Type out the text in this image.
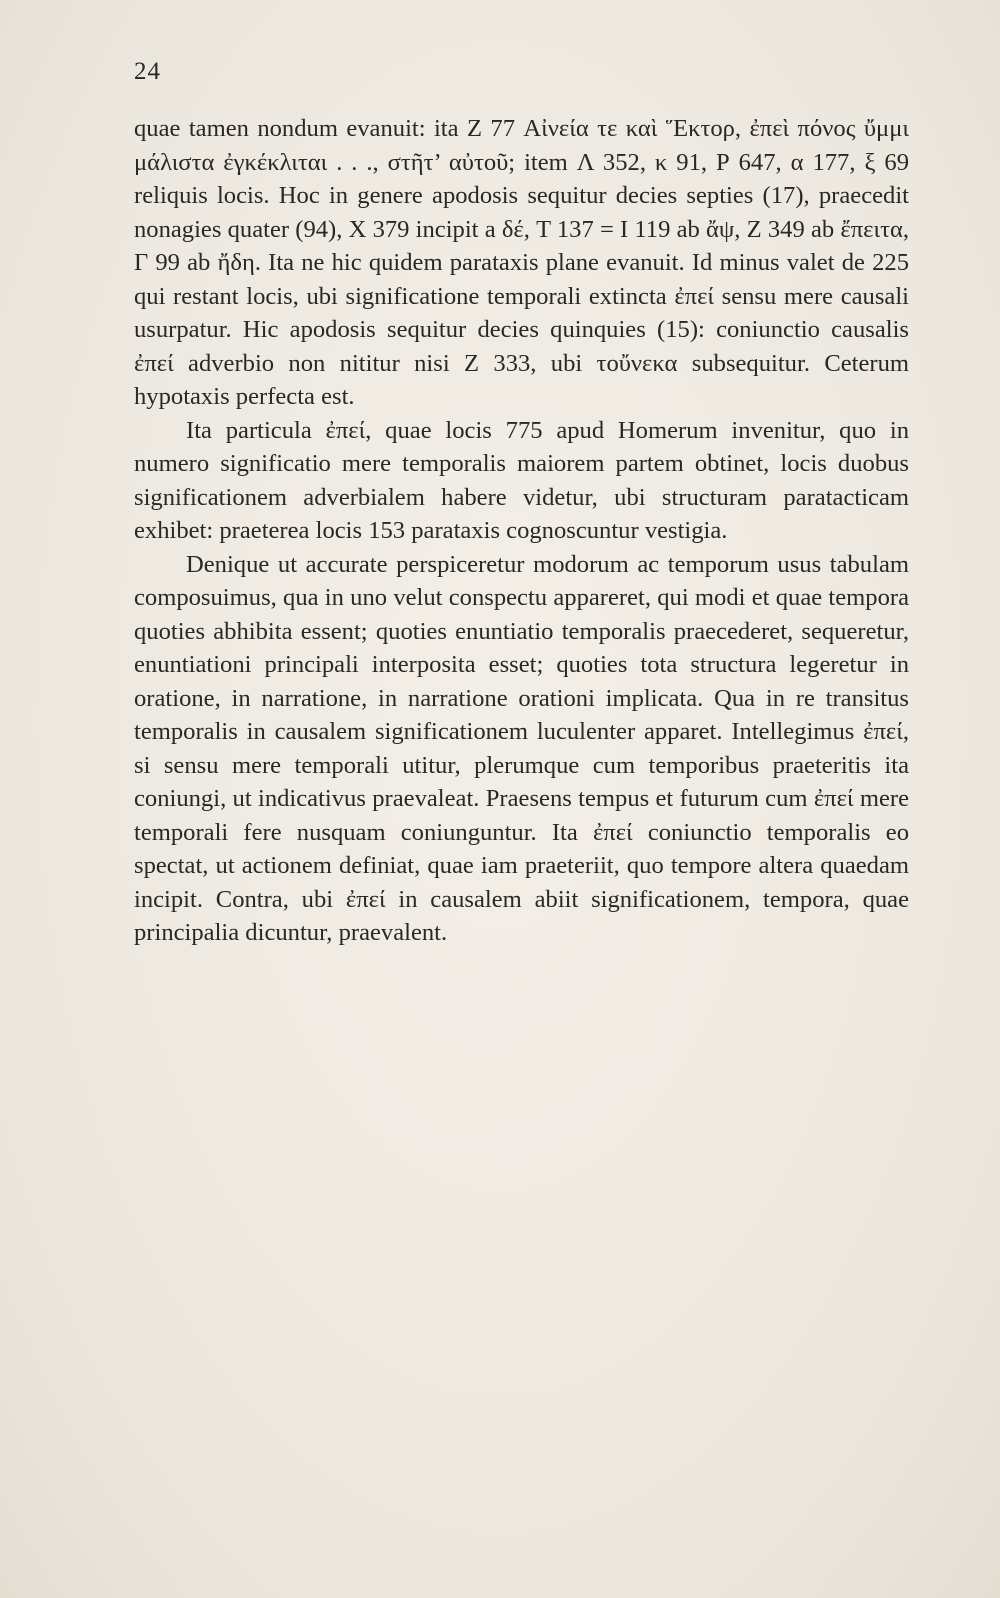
24

quae tamen nondum evanuit: ita Z 77 Αἰνεία τε καὶ Ἕκτορ, ἐπεὶ πόνος ὔμμι μάλιστα ἐγκέκλιται . . ., στῆτ’ αὐτοῦ; item Λ 352, κ 91, Ρ 647, α 177, ξ 69 reliquis locis. Hoc in genere apodosis sequitur decies septies (17), praecedit nonagies quater (94), X 379 incipit a δέ, T 137 = Ι 119 ab ἄψ, Z 349 ab ἔπειτα, Γ 99 ab ἤδη. Ita ne hic quidem parataxis plane evanuit. Id minus valet de 225 qui restant locis, ubi significatione temporali extincta ἐπεί sensu mere causali usurpatur. Hic apodosis sequitur decies quinquies (15): coniunctio causalis ἐπεί adverbio non nititur nisi Z 333, ubi τοὔνεκα subsequitur. Ceterum hypotaxis perfecta est.

Ita particula ἐπεί, quae locis 775 apud Homerum invenitur, quo in numero significatio mere temporalis maiorem partem obtinet, locis duobus significationem adverbialem habere videtur, ubi structuram paratacticam exhibet: praeterea locis 153 parataxis cognoscuntur vestigia.

Denique ut accurate perspiceretur modorum ac temporum usus tabulam composuimus, qua in uno velut conspectu appareret, qui modi et quae tempora quoties abhibita essent; quoties enuntiatio temporalis praecederet, sequeretur, enuntiationi principali interposita esset; quoties tota structura legeretur in oratione, in narratione, in narratione orationi implicata. Qua in re transitus temporalis in causalem significationem luculenter apparet. Intellegimus ἐπεί, si sensu mere temporali utitur, plerumque cum temporibus praeteritis ita coniungi, ut indicativus praevaleat. Praesens tempus et futurum cum ἐπεί mere temporali fere nusquam coniunguntur. Ita ἐπεί coniunctio temporalis eo spectat, ut actionem definiat, quae iam praeteriit, quo tempore altera quaedam incipit. Contra, ubi ἐπεί in causalem abiit significationem, tempora, quae principalia dicuntur, praevalent.
